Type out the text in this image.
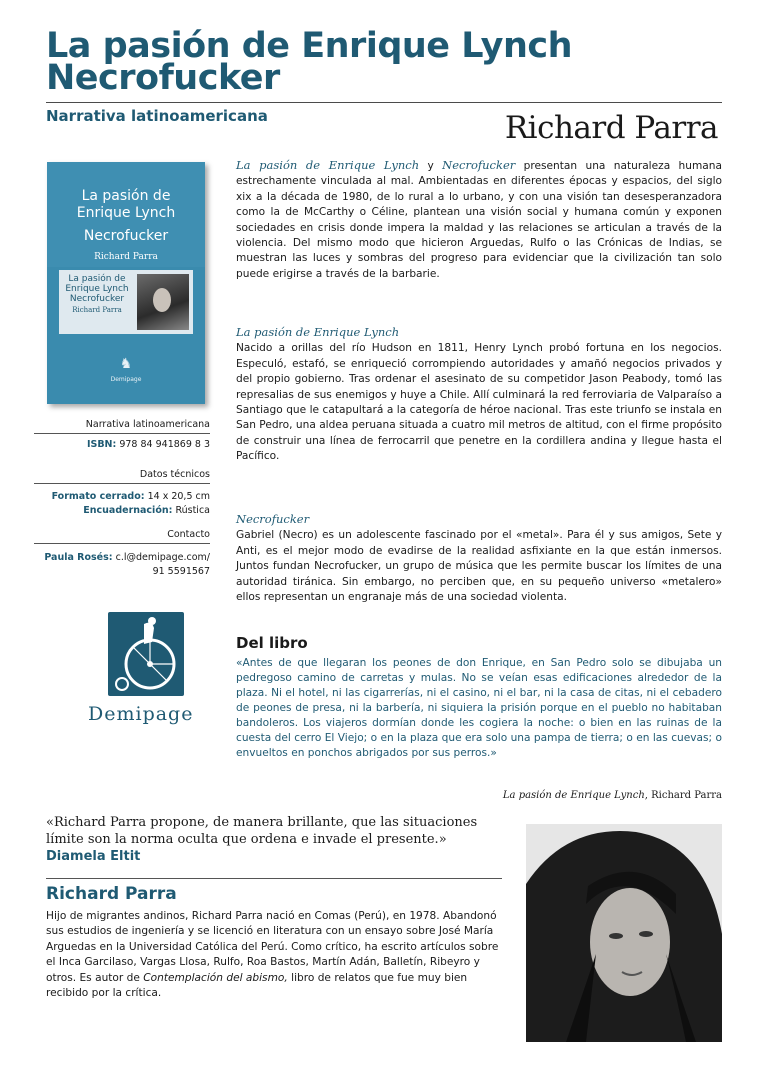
La pasión de Enrique Lynch
Necrofucker
Narrativa latinoamericana	Richard Parra
La pasión de
Enrique Lynch
Necrofucker
Richard Parra
La pasión de
Enrique Lynch
Necrofucker
Richard Parra
♞
Demipage
Narrativa latinoamericana
ISBN: 978 84 941869 8 3
Datos técnicos
Formato cerrado: 14 x 20,5 cm
Encuadernación: Rústica
Contacto
Paula Rosés: c.l@demipage.com/
91 5591567
Demipage

La pasión de Enrique Lynch y Necrofucker presentan una naturaleza humana estrechamente vinculada al mal. Ambientadas en diferentes épocas y espacios, del siglo xix a la década de 1980, de lo rural a lo urbano, y con una visión tan desesperanzadora como la de McCarthy o Céline, plantean una visión social y humana común y exponen sociedades en crisis donde impera la maldad y las relaciones se articulan a través de la violencia. Del mismo modo que hicieron Arguedas, Rulfo o las Crónicas de Indias, se muestran las luces y sombras del progreso para evidenciar que la civilización tan solo puede erigirse a través de la barbarie.

La pasión de Enrique Lynch

Nacido a orillas del río Hudson en 1811, Henry Lynch probó fortuna en los negocios. Especuló, estafó, se enriqueció corrompiendo autoridades y amañó negocios privados y del propio gobierno. Tras ordenar el asesinato de su competidor Jason Peabody, tomó las represalias de sus enemigos y huye a Chile. Allí culminará la red ferroviaria de Valparaíso a Santiago que le catapultará a la categoría de héroe nacional. Tras este triunfo se instala en San Pedro, una aldea peruana situada a cuatro mil metros de altitud, con el firme propósito de construir una línea de ferrocarril que penetre en la cordillera andina y llegue hasta el Pacífico.

Necrofucker

Gabriel (Necro) es un adolescente fascinado por el «metal». Para él y sus amigos, Sete y Anti, es el mejor modo de evadirse de la realidad asfixiante en la que están inmersos. Juntos fundan Necrofucker, un grupo de música que les permite buscar los límites de una autoridad tiránica. Sin embargo, no perciben que, en su pequeño universo «metalero» ellos representan un engranaje más de una sociedad violenta.

Del libro
«Antes de que llegaran los peones de don Enrique, en San Pedro solo se dibujaba un pedregoso camino de carretas y mulas. No se veían esas edificaciones alrededor de la plaza. Ni el hotel, ni las cigarrerías, ni el casino, ni el bar, ni la casa de citas, ni el cebadero de peones de presa, ni la barbería, ni siquiera la prisión porque en el pueblo no habitaban bandoleros. Los viajeros dormían donde les cogiera la noche: o bien en las ruinas de la cuesta del cerro El Viejo; o en la plaza que era solo una pampa de tierra; o en las cuevas; o envueltos en ponchos abrigados por sus perros.»
La pasión de Enrique Lynch, Richard Parra
«Richard Parra propone, de manera brillante, que las situaciones límite son la norma oculta que ordena e invade el presente.» Diamela Eltit
Richard Parra
Hijo de migrantes andinos, Richard Parra nació en Comas (Perú), en 1978. Abandonó sus estudios de ingeniería y se licenció en literatura con un ensayo sobre José María Arguedas en la Universidad Católica del Perú. Como crítico, ha escrito artículos sobre el Inca Garcilaso, Vargas Llosa, Rulfo, Roa Bastos, Martín Adán, Balletín, Ribeyro y otros. Es autor de Contemplación del abismo, libro de relatos que fue muy bien recibido por la crítica.
